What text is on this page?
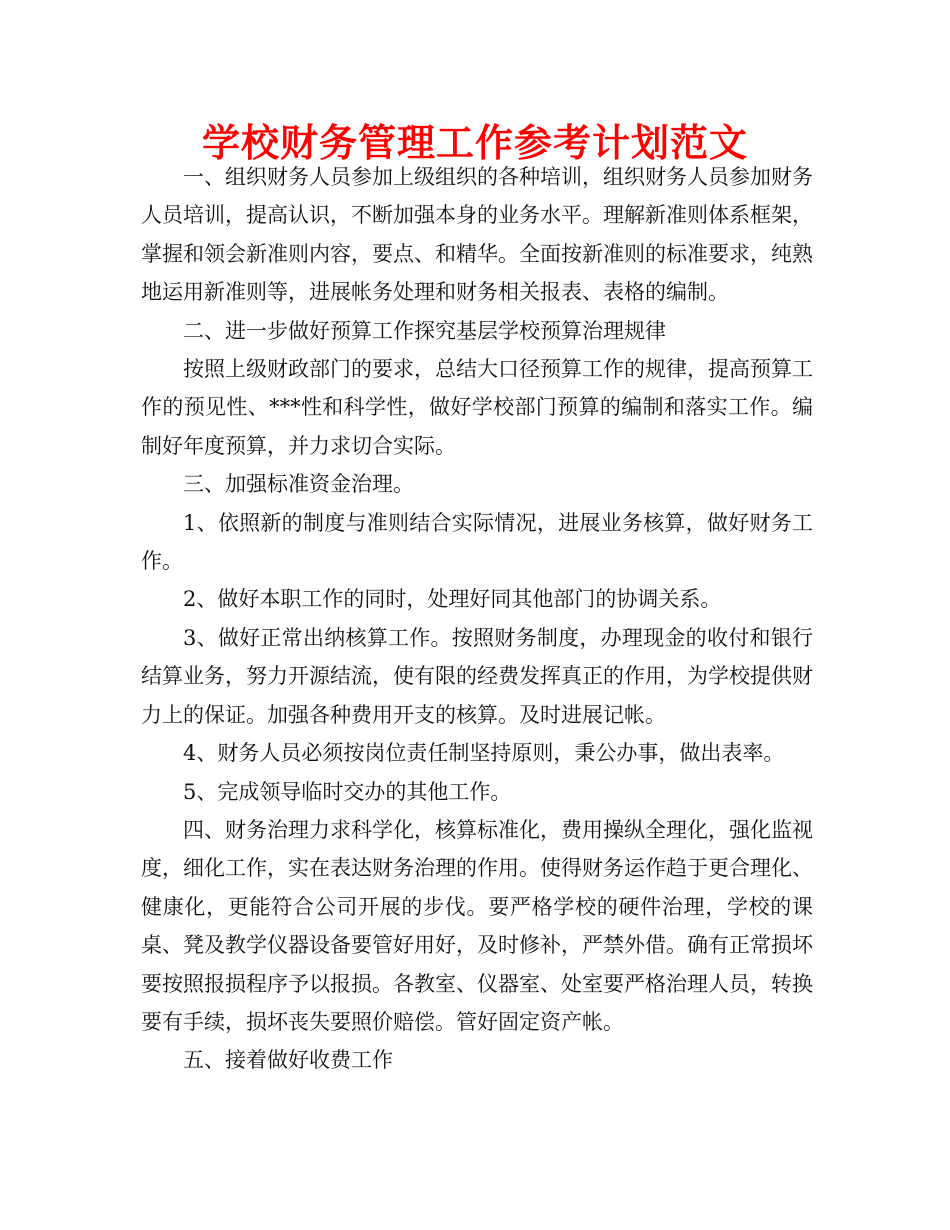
学校财务管理工作参考计划范文

一、组织财务人员参加上级组织的各种培训，组织财务人员参加财务人员培训，提高认识，不断加强本身的业务水平。理解新准则体系框架，掌握和领会新准则内容，要点、和精华。全面按新准则的标准要求，纯熟地运用新准则等，进展帐务处理和财务相关报表、表格的编制。

二、进一步做好预算工作探究基层学校预算治理规律

按照上级财政部门的要求，总结大口径预算工作的规律，提高预算工作的预见性、***性和科学性，做好学校部门预算的编制和落实工作。编制好年度预算，并力求切合实际。

三、加强标准资金治理。

1、依照新的制度与准则结合实际情况，进展业务核算，做好财务工作。

2、做好本职工作的同时，处理好同其他部门的协调关系。

3、做好正常出纳核算工作。按照财务制度，办理现金的收付和银行结算业务，努力开源结流，使有限的经费发挥真正的作用，为学校提供财力上的保证。加强各种费用开支的核算。及时进展记帐。

4、财务人员必须按岗位责任制坚持原则，秉公办事，做出表率。

5、完成领导临时交办的其他工作。

四、财务治理力求科学化，核算标准化，费用操纵全理化，强化监视度，细化工作，实在表达财务治理的作用。使得财务运作趋于更合理化、健康化，更能符合公司开展的步伐。要严格学校的硬件治理，学校的课桌、凳及教学仪器设备要管好用好，及时修补，严禁外借。确有正常损坏要按照报损程序予以报损。各教室、仪器室、处室要严格治理人员，转换要有手续，损坏丧失要照价赔偿。管好固定资产帐。

五、接着做好收费工作
